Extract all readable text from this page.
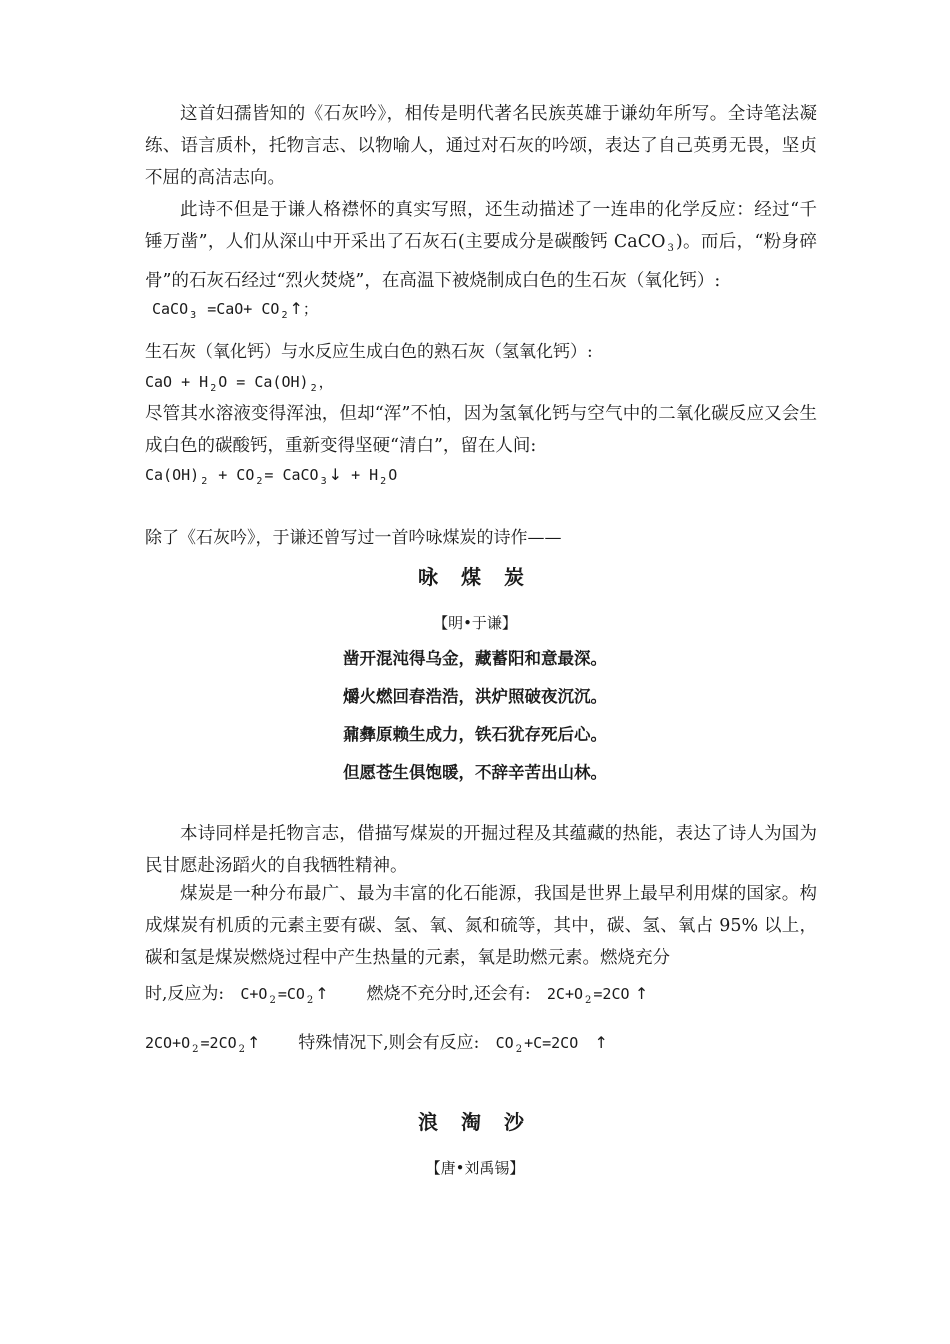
这首妇孺皆知的《石灰吟》，相传是明代著名民族英雄于谦幼年所写。全诗笔法凝练、语言质朴，托物言志、以物喻人，通过对石灰的吟颂，表达了自己英勇无畏，坚贞不屈的高洁志向。

此诗不但是于谦人格襟怀的真实写照，还生动描述了一连串的化学反应：经过“千锤万凿”，人们从深山中开采出了石灰石(主要成分是碳酸钙 CaCO $_3$ )。而后，“粉身碎骨”的石灰石经过“烈火焚烧”，在高温下被烧制成白色的生石灰（氧化钙）:

CaCO $_3$ =CaO+ CO $_2$ ↑；

生石灰（氧化钙）与水反应生成白色的熟石灰（氢氧化钙）:

CaO + H $_2$ O = Ca(OH) $_2$ ，

尽管其水溶液变得浑浊，但却“浑”不怕，因为氢氧化钙与空气中的二氧化碳反应又会生成白色的碳酸钙，重新变得坚硬“清白”，留在人间:

Ca(OH) $_2$ + CO $_2$ = CaCO $_3$ ↓ + H $_2$ O

除了《石灰吟》，于谦还曾写过一首吟咏煤炭的诗作——

咏 煤 炭

【明•于谦】

凿开混沌得乌金，藏蓄阳和意最深。

爝火燃回春浩浩，洪炉照破夜沉沉。

鼐彝原赖生成力，铁石犹存死后心。

但愿苍生俱饱暖，不辞辛苦出山林。

本诗同样是托物言志，借描写煤炭的开掘过程及其蕴藏的热能，表达了诗人为国为民甘愿赴汤蹈火的自我牺牲精神。

煤炭是一种分布最广、最为丰富的化石能源，我国是世界上最早利用煤的国家。构成煤炭有机质的元素主要有碳、氢、氧、氮和硫等，其中，碳、氢、氧占 95% 以上，碳和氢是煤炭燃烧过程中产生热量的元素，氧是助燃元素。燃烧充分

时,反应为: C+O $_2$ =CO $_2$ ↑ 燃烧不充分时,还会有: 2C+O $_2$ =2CO ↑

2CO+O $_2$ =2CO $_2$ ↑ 特殊情况下,则会有反应: CO $_2$ +C=2CO ↑

浪 淘 沙

【唐•刘禹锡】
